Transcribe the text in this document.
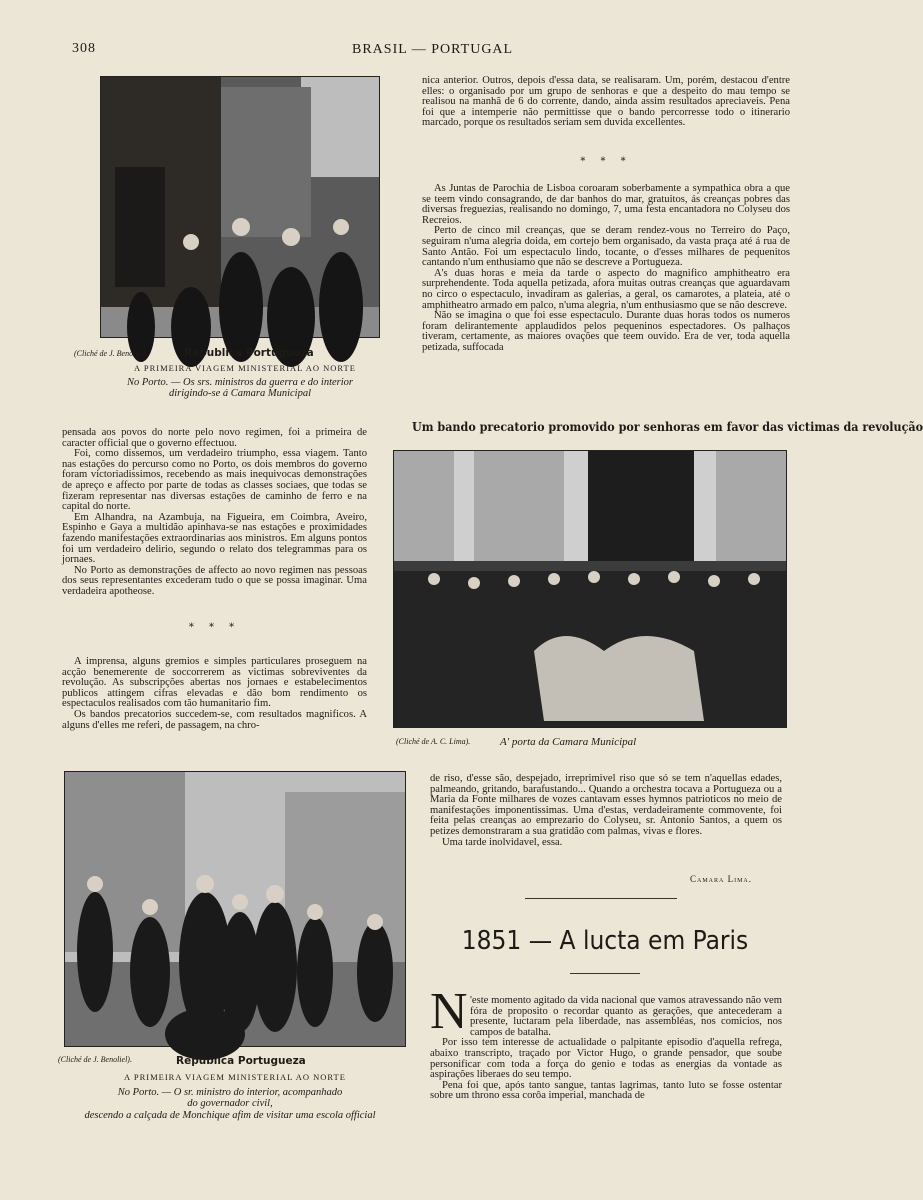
308	BRASIL — PORTUGAL
(Cliché de J. Benoliel).	Republica Portugueza
A PRIMEIRA VIAGEM MINISTERIAL AO NORTE
No Porto. — Os srs. ministros da guerra e do interior
dirigindo-se á Camara Municipal

pensada aos povos do norte pelo novo regimen, foi a primeira de caracter official que o governo effectuou.

Foi, como dissemos, um verdadeiro triumpho, essa viagem. Tanto nas estações do percurso como no Porto, os dois membros do governo foram victoriadissimos, recebendo as mais inequivocas demonstrações de apreço e affecto por parte de todas as classes sociaes, que todas se fizeram representar nas diversas estações de caminho de ferro e na capital do norte.

Em Alhandra, na Azambuja, na Figueira, em Coimbra, Aveiro, Espinho e Gaya a multidão apinhava-se nas estações e proximidades fazendo manifestações extraordinarias aos ministros. Em alguns pontos foi um verdadeiro delirio, segundo o relato dos telegrammas para os jornaes.

No Porto as demonstrações de affecto ao novo regimen nas pessoas dos seus representantes excederam tudo o que se possa imaginar. Uma verdadeira apotheose.

* * *

A imprensa, alguns gremios e simples particulares proseguem na acção benemerente de soccorrerem as victimas sobreviventes da revolução. As subscripções abertas nos jornaes e estabelecimentos publicos attingem cifras elevadas e dão bom rendimento os espectaculos realisados com tão humanitario fim.

Os bandos precatorios succedem-se, com resultados magnificos. A alguns d'elles me referi, de passagem, na chro-

nica anterior. Outros, depois d'essa data, se realisaram. Um, porém, destacou d'entre elles: o organisado por um grupo de senhoras e que a despeito do mau tempo se realisou na manhã de 6 do corrente, dando, ainda assim resultados apreciaveis. Pena foi que a intemperie não permittisse que o bando percorresse todo o itinerario marcado, porque os resultados seriam sem duvida excellentes.

* * *

As Juntas de Parochia de Lisboa coroaram soberbamente a sympathica obra a que se teem vindo consagrando, de dar banhos do mar, gratuitos, ás creanças pobres das diversas freguezias, realisando no domingo, 7, uma festa encantadora no Colyseu dos Recreios.

Perto de cinco mil creanças, que se deram rendez-vous no Terreiro do Paço, seguiram n'uma alegria doida, em cortejo bem organisado, da vasta praça até á rua de Santo Antão. Foi um espectaculo lindo, tocante, o d'esses milhares de pequenitos cantando n'um enthusiamo que não se descreve a Portugueza.

A's duas horas e meia da tarde o aspecto do magnifico amphitheatro era surprehendente. Toda aquella petizada, afora muitas outras creanças que aguardavam no circo o espectaculo, invadiram as galerias, a geral, os camarotes, a plateia, até o amphitheatro armado em palco, n'uma alegria, n'um enthusiasmo que se não descreve.

Não se imagina o que foi esse espectaculo. Durante duas horas todos os numeros foram delirantemente applaudidos pelos pequeninos espectadores. Os palhaços tiveram, certamente, as maiores ovações que teem ouvido. Era de ver, toda aquella petizada, suffocada

Um bando precatorio promovido por senhoras em favor das victimas da revolução
(Cliché de A. C. Lima).	A' porta da Camara Municipal
(Cliché de J. Benoliel).	Republica Portugueza
A PRIMEIRA VIAGEM MINISTERIAL AO NORTE
No Porto. — O sr. ministro do interior, acompanhado
do governador civil,
descendo a calçada de Monchique afim de visitar uma escola official

de riso, d'esse são, despejado, irreprimivel riso que só se tem n'aquellas edades, palmeando, gritando, barafustando... Quando a orchestra tocava a Portugueza ou a Maria da Fonte milhares de vozes cantavam esses hymnos patrioticos no meio de manifestações imponentissimas. Uma d'estas, verdadeiramente commovente, foi feita pelas creanças ao emprezario do Colyseu, sr. Antonio Santos, a quem os petizes demonstraram a sua gratidão com palmas, vivas e flores.

Uma tarde inolvidavel, essa.

Camara Lima.
1851 — A lucta em Paris
N 'este momento agitado da vida nacional que vamos atravessando não vem fóra de proposito o recordar quanto as gerações, que antecederam a presente, luctaram pela liberdade, nas assembléas, nos comicios, nos campos de batalha.

Por isso tem interesse de actualidade o palpitante episodio d'aquella refrega, abaixo transcripto, traçado por Victor Hugo, o grande pensador, que soube personificar com toda a força do genio e todas as energias da vontade as aspirações liberaes do seu tempo.

Pena foi que, após tanto sangue, tantas lagrimas, tanto luto se fosse ostentar sobre um throno essa corôa imperial, manchada de
